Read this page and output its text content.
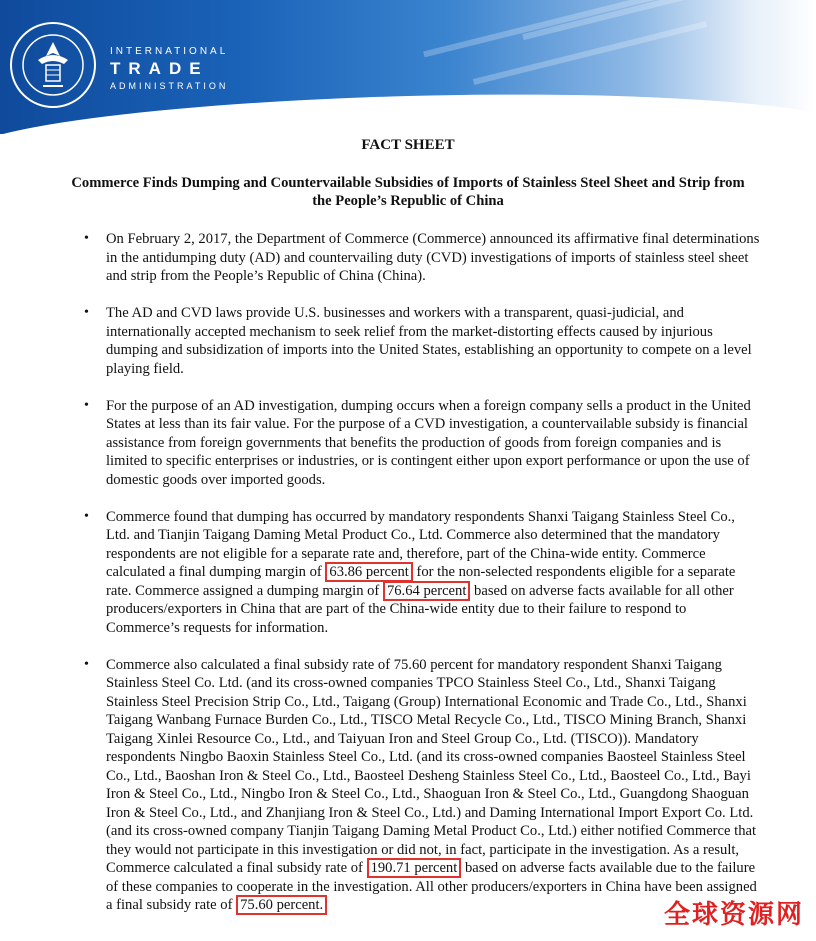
INTERNATIONAL
TRADE
ADMINISTRATION
FACT SHEET
Commerce Finds Dumping and Countervailable Subsidies of Imports of Stainless Steel Sheet and Strip from the People’s Republic of China
• On February 2, 2017, the Department of Commerce (Commerce) announced its affirmative final determinations in the antidumping duty (AD) and countervailing duty (CVD) investigations of imports of stainless steel sheet and strip from the People’s Republic of China (China).
• The AD and CVD laws provide U.S. businesses and workers with a transparent, quasi-judicial, and internationally accepted mechanism to seek relief from the market-distorting effects caused by injurious dumping and subsidization of imports into the United States, establishing an opportunity to compete on a level playing field.
• For the purpose of an AD investigation, dumping occurs when a foreign company sells a product in the United States at less than its fair value. For the purpose of a CVD investigation, a countervailable subsidy is financial assistance from foreign governments that benefits the production of goods from foreign companies and is limited to specific enterprises or industries, or is contingent either upon export performance or upon the use of domestic goods over imported goods.
• Commerce found that dumping has occurred by mandatory respondents Shanxi Taigang Stainless Steel Co., Ltd. and Tianjin Taigang Daming Metal Product Co., Ltd. Commerce also determined that the mandatory respondents are not eligible for a separate rate and, therefore, part of the China-wide entity. Commerce calculated a final dumping margin of 63.86 percent for the non-selected respondents eligible for a separate rate. Commerce assigned a dumping margin of 76.64 percent based on adverse facts available for all other producers/exporters in China that are part of the China-wide entity due to their failure to respond to Commerce’s requests for information.
• Commerce also calculated a final subsidy rate of 75.60 percent for mandatory respondent Shanxi Taigang Stainless Steel Co. Ltd. (and its cross-owned companies TPCO Stainless Steel Co., Ltd., Shanxi Taigang Stainless Steel Precision Strip Co., Ltd., Taigang (Group) International Economic and Trade Co., Ltd., Shanxi Taigang Wanbang Furnace Burden Co., Ltd., TISCO Metal Recycle Co., Ltd., TISCO Mining Branch, Shanxi Taigang Xinlei Resource Co., Ltd., and Taiyuan Iron and Steel Group Co., Ltd. (TISCO)). Mandatory respondents Ningbo Baoxin Stainless Steel Co., Ltd. (and its cross-owned companies Baosteel Stainless Steel Co., Ltd., Baoshan Iron & Steel Co., Ltd., Baosteel Desheng Stainless Steel Co., Ltd., Baosteel Co., Ltd., Bayi Iron & Steel Co., Ltd., Ningbo Iron & Steel Co., Ltd., Shaoguan Iron & Steel Co., Ltd., Guangdong Shaoguan Iron & Steel Co., Ltd., and Zhanjiang Iron & Steel Co., Ltd.) and Daming International Import Export Co. Ltd. (and its cross-owned company Tianjin Taigang Daming Metal Product Co., Ltd.) either notified Commerce that they would not participate in this investigation or did not, in fact, participate in the investigation. As a result, Commerce calculated a final subsidy rate of 190.71 percent based on adverse facts available due to the failure of these companies to cooperate in the investigation. All other producers/exporters in China have been assigned a final subsidy rate of 75.60 percent.	全球资源网
